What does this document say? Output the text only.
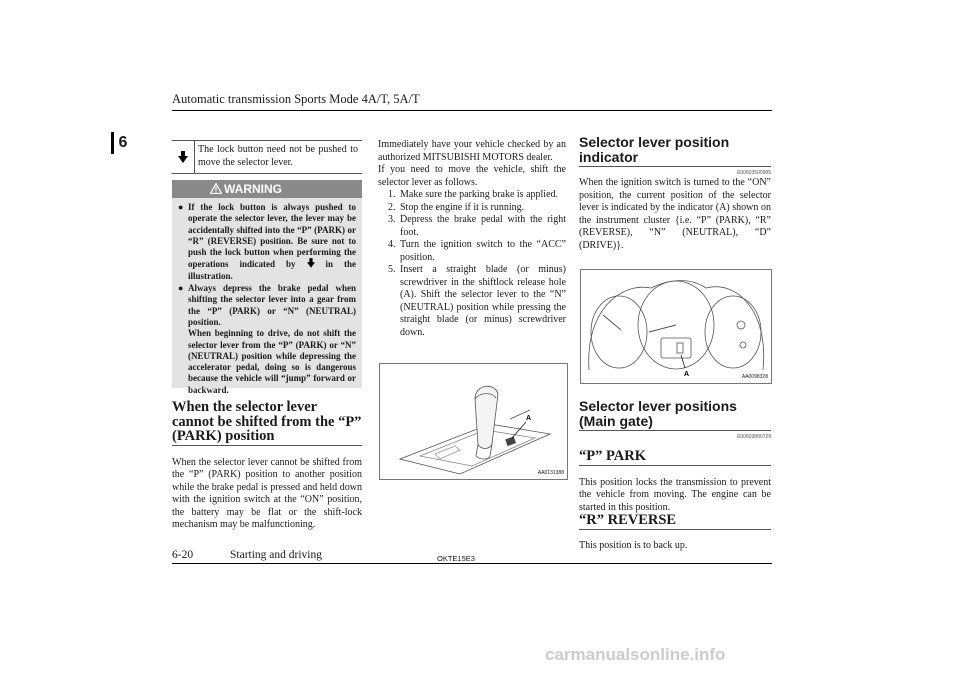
Automatic transmission Sports Mode 4A/T, 5A/T
6	The lock button need not be pushed to move the selector lever.
WARNING
● If the lock button is always pushed to operate the selector lever, the lever may be accidentally shifted into the “P” (PARK) or “R” (REVERSE) position. Be sure not to push the lock button when performing the operations indicated by	in the illustration.
● Always depress the brake pedal when shifting the selector lever into a gear from the “P” (PARK) or “N” (NEUTRAL) position.

When beginning to drive, do not shift the selector lever from the “P” (PARK) or “N” (NEUTRAL) position while depressing the accelerator pedal, doing so is dangerous because the vehicle will “jump” forward or backward.

When the selector lever cannot be shifted from the “P” (PARK) position

When the selector lever cannot be shifted from the “P” (PARK) position to another position while the brake pedal is pressed and held down with the ignition switch at the “ON” position, the battery may be flat or the shift-lock mechanism may be malfunctioning.

Immediately have your vehicle checked by an authorized MITSUBISHI MOTORS dealer.

If you need to move the vehicle, shift the selector lever as follows.

1. Make sure the parking brake is applied.
2. Stop the engine if it is running.
3. Depress the brake pedal with the right foot.
4. Turn the ignition switch to the “ACC” position.
5. Insert a straight blade (or minus) screwdriver in the shiftlock release hole (A). Shift the selector lever to the “N” (NEUTRAL) position while pressing the straight blade (or minus) screwdriver down.
A
AA0131388
Selector lever position indicator
E00603500985

When the ignition switch is turned to the “ON” position, the current position of the selector lever is indicated by the indicator (A) shown on the instrument cluster {i.e. “P” (PARK), “R” (REVERSE), “N” (NEUTRAL), “D” (DRIVE)}.

A	AA0098328
Selector lever positions (Main gate)
E00603800729
“P” PARK

This position locks the transmission to prevent the vehicle from moving. The engine can be started in this position.

“R” REVERSE

This position is to back up.

6-20	Starting and driving	OKTE15E3
carmanualsonline.info
